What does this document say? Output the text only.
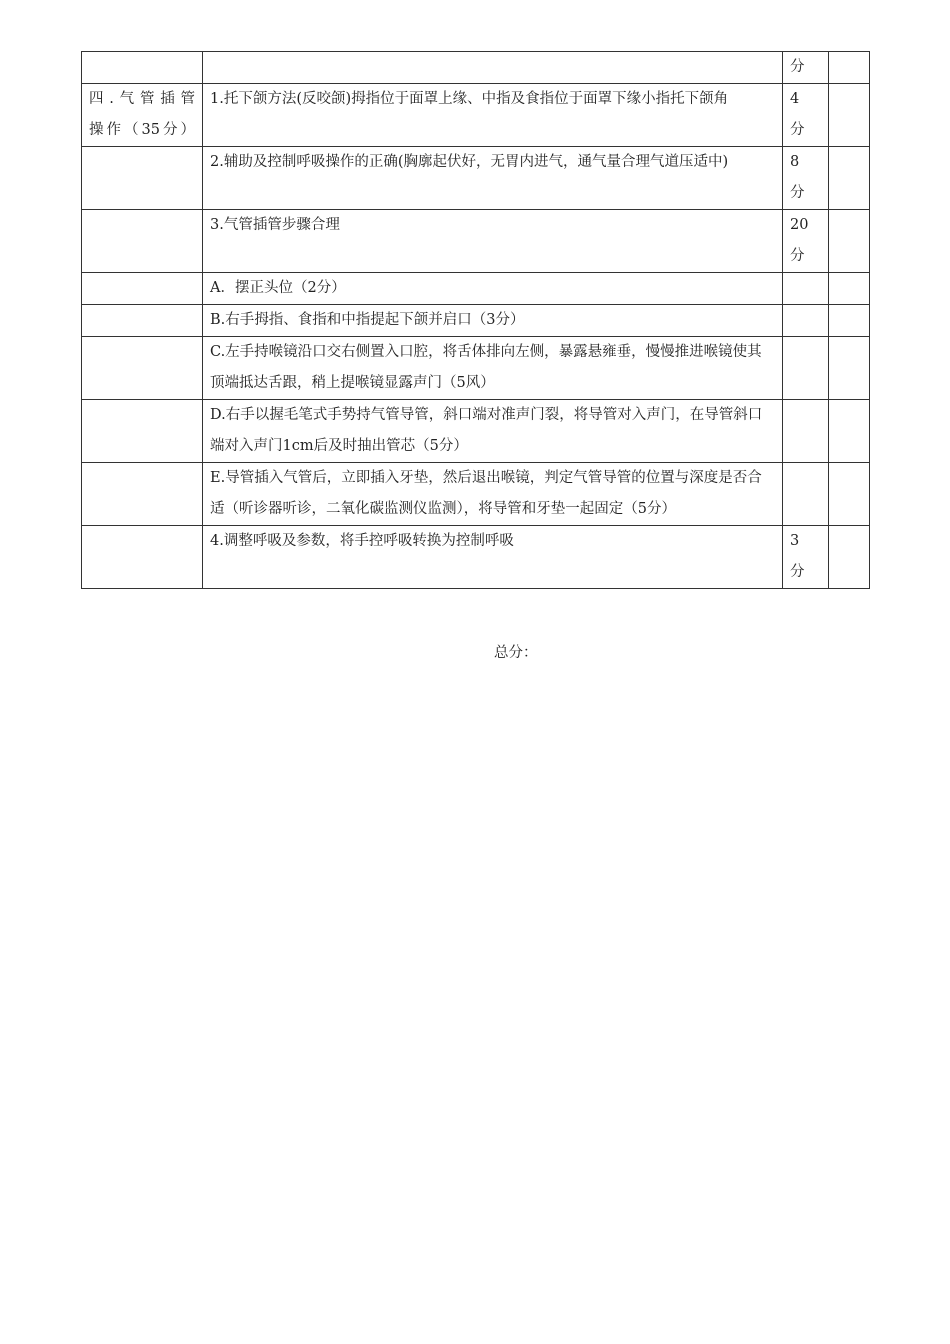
		分	

四.气管插管
操作（35分）	1.托下颌方法(反咬颌)拇指位于面罩上缘、中指及食指位于面罩下缘小指托下颌角	4
分	
	2.辅助及控制呼吸操作的正确(胸廓起伏好，无胃内进气，通气量合理气道压适中)	8
分	
	3.气管插管步骤合理	20
分	
	A．摆正头位（2分）		
	B.右手拇指、食指和中指提起下颌并启口（3分）		
	C.左手持喉镜沿口交右侧置入口腔，将舌体排向左侧，暴露悬雍垂，慢慢推进喉镜使其顶端抵达舌跟，稍上提喉镜显露声门（5风）		
	D.右手以握毛笔式手势持气管导管，斜口端对准声门裂，将导管对入声门，在导管斜口端对入声门1cm后及时抽出管芯（5分）		
	E.导管插入气管后，立即插入牙垫，然后退出喉镜，判定气管导管的位置与深度是否合适（听诊器听诊，二氧化碳监测仪监测），将导管和牙垫一起固定（5分）		
	4.调整呼吸及参数，将手控呼吸转换为控制呼吸	3
分	
总分：
